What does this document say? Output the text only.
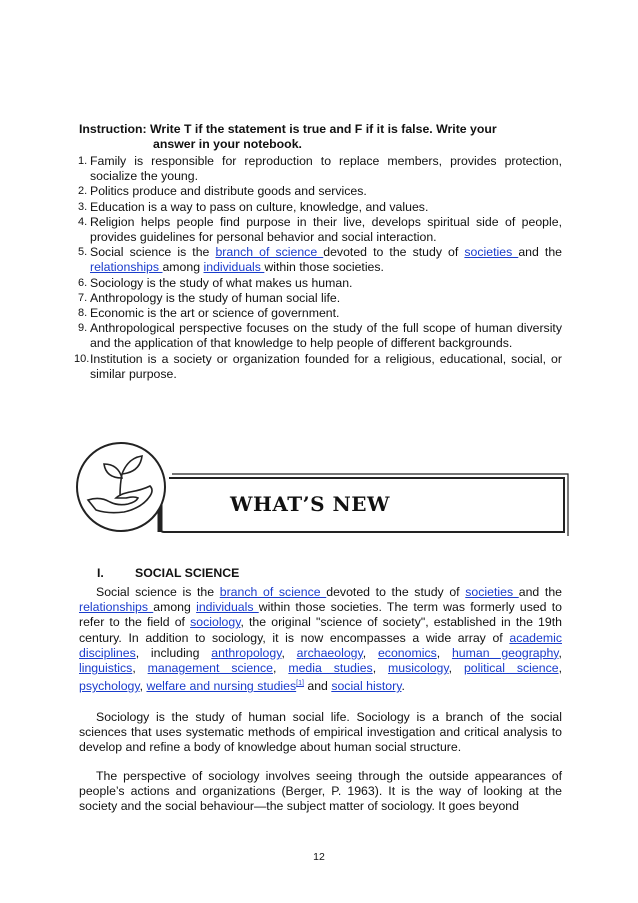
Instruction: Write T if the statement is true and F if it is false. Write your
answer in your notebook.
1. Family is responsible for reproduction to replace members, provides protection, socialize the young.
2. Politics produce and distribute goods and services.
3. Education is a way to pass on culture, knowledge, and values.
4. Religion helps people find purpose in their live, develops spiritual side of people, provides guidelines for personal behavior and social interaction.
5. Social science is the branch of science devoted to the study of societies and the relationships among individuals within those societies.
6. Sociology is the study of what makes us human.
7. Anthropology is the study of human social life.
8. Economic is the art or science of government.
9. Anthropological perspective focuses on the study of the full scope of human diversity and the application of that knowledge to help people of different backgrounds.
10. Institution is a society or organization founded for a religious, educational, social, or similar purpose.
WHAT’S NEW
I.	SOCIAL SCIENCE

Social science is the branch of science devoted to the study of societies and the relationships among individuals within those societies. The term was formerly used to refer to the field of sociology, the original "science of society", established in the 19th century. In addition to sociology, it is now encompasses a wide array of academic disciplines, including anthropology, archaeology, economics, human geography, linguistics, management science, media studies, musicology, political science, psychology, welfare and nursing studies[1] and social history.

Sociology is the study of human social life. Sociology is a branch of the social sciences that uses systematic methods of empirical investigation and critical analysis to develop and refine a body of knowledge about human social structure.

The perspective of sociology involves seeing through the outside appearances of people’s actions and organizations (Berger, P. 1963). It is the way of looking at the society and the social behaviour—the subject matter of sociology. It goes beyond

12
